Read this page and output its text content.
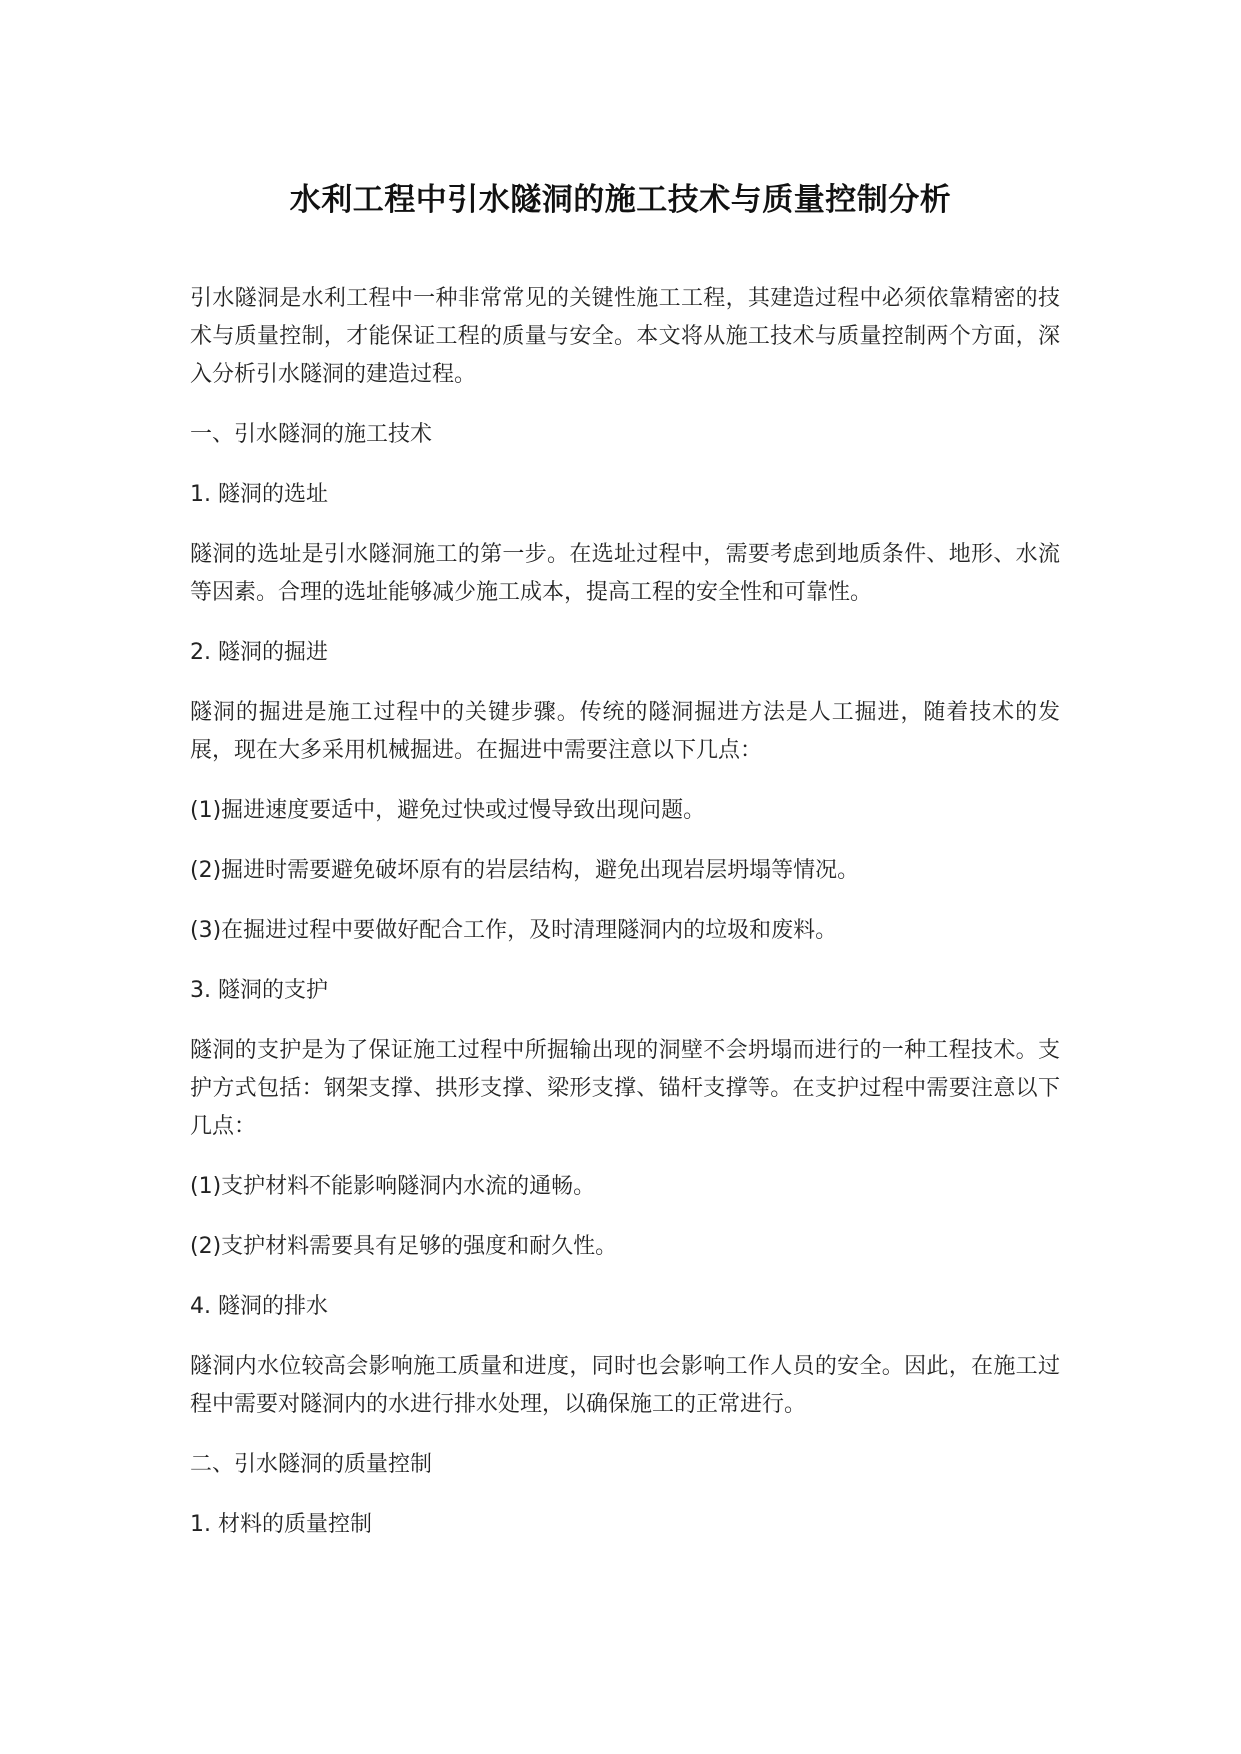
水利工程中引水隧洞的施工技术与质量控制分析

引水隧洞是水利工程中一种非常常见的关键性施工工程，其建造过程中必须依靠精密的技术与质量控制，才能保证工程的质量与安全。本文将从施工技术与质量控制两个方面，深入分析引水隧洞的建造过程。

一、引水隧洞的施工技术

1. 隧洞的选址

隧洞的选址是引水隧洞施工的第一步。在选址过程中，需要考虑到地质条件、地形、水流等因素。合理的选址能够减少施工成本，提高工程的安全性和可靠性。

2. 隧洞的掘进

隧洞的掘进是施工过程中的关键步骤。传统的隧洞掘进方法是人工掘进，随着技术的发展，现在大多采用机械掘进。在掘进中需要注意以下几点：

(1)掘进速度要适中，避免过快或过慢导致出现问题。

(2)掘进时需要避免破坏原有的岩层结构，避免出现岩层坍塌等情况。

(3)在掘进过程中要做好配合工作，及时清理隧洞内的垃圾和废料。

3. 隧洞的支护

隧洞的支护是为了保证施工过程中所掘输出现的洞壁不会坍塌而进行的一种工程技术。支护方式包括：钢架支撑、拱形支撑、梁形支撑、锚杆支撑等。在支护过程中需要注意以下几点：

(1)支护材料不能影响隧洞内水流的通畅。

(2)支护材料需要具有足够的强度和耐久性。

4. 隧洞的排水

隧洞内水位较高会影响施工质量和进度，同时也会影响工作人员的安全。因此，在施工过程中需要对隧洞内的水进行排水处理，以确保施工的正常进行。

二、引水隧洞的质量控制

1. 材料的质量控制
